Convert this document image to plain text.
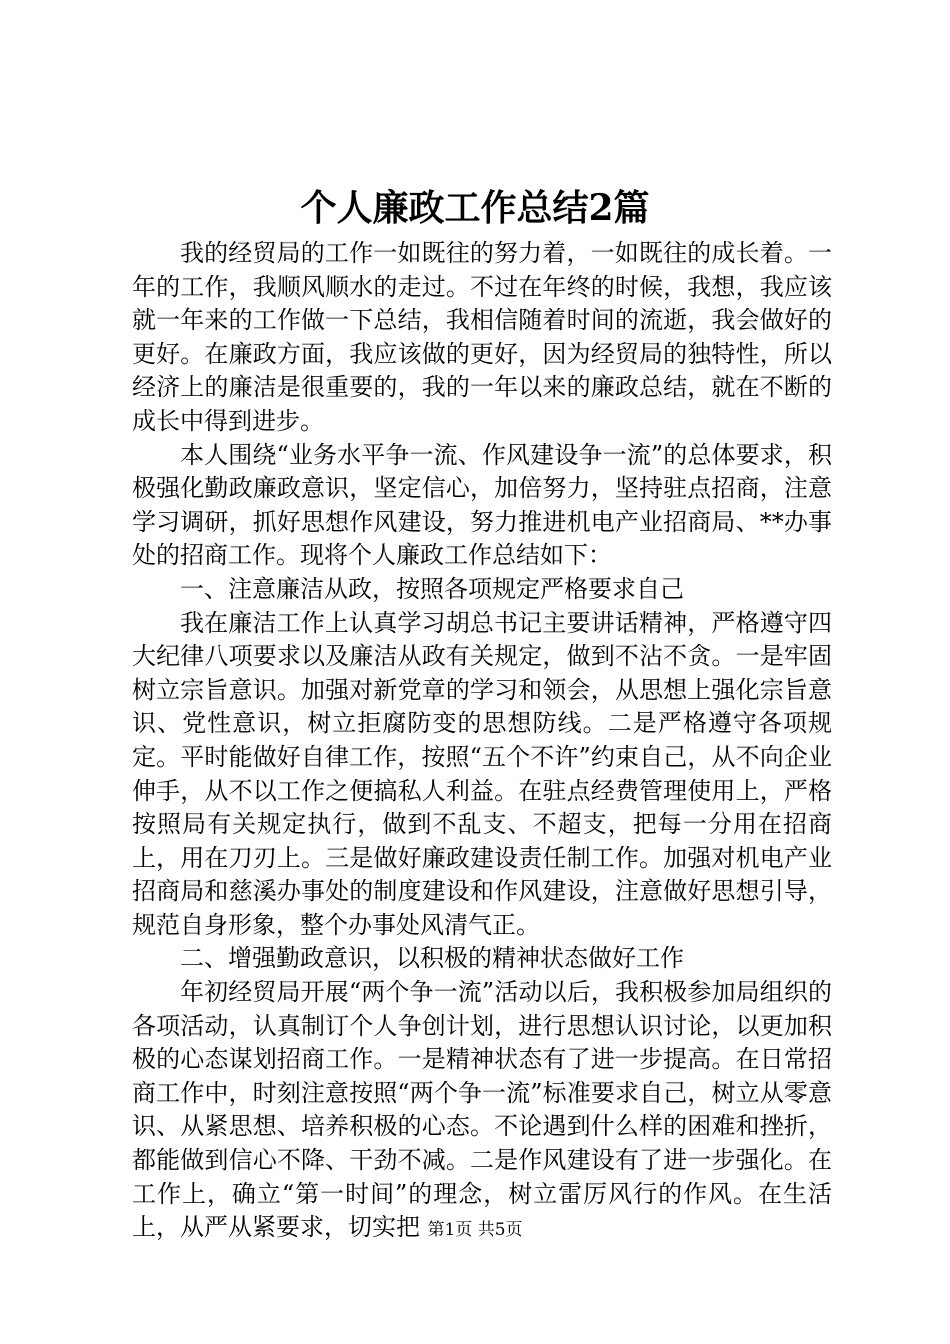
个人廉政工作总结2篇

我的经贸局的工作一如既往的努力着，一如既往的成长着。一年的工作，我顺风顺水的走过。不过在年终的时候，我想，我应该就一年来的工作做一下总结，我相信随着时间的流逝，我会做好的更好。在廉政方面，我应该做的更好，因为经贸局的独特性，所以经济上的廉洁是很重要的，我的一年以来的廉政总结，就在不断的成长中得到进步。

本人围绕“业务水平争一流、作风建设争一流”的总体要求，积极强化勤政廉政意识，坚定信心，加倍努力，坚持驻点招商，注意学习调研，抓好思想作风建设，努力推进机电产业招商局、**办事处的招商工作。现将个人廉政工作总结如下：

一、注意廉洁从政，按照各项规定严格要求自己

我在廉洁工作上认真学习胡总书记主要讲话精神，严格遵守四大纪律八项要求以及廉洁从政有关规定，做到不沾不贪。一是牢固树立宗旨意识。加强对新党章的学习和领会，从思想上强化宗旨意识、党性意识，树立拒腐防变的思想防线。二是严格遵守各项规定。平时能做好自律工作，按照“五个不许”约束自己，从不向企业伸手，从不以工作之便搞私人利益。在驻点经费管理使用上，严格按照局有关规定执行，做到不乱支、不超支，把每一分用在招商上，用在刀刃上。三是做好廉政建设责任制工作。加强对机电产业招商局和慈溪办事处的制度建设和作风建设，注意做好思想引导，规范自身形象，整个办事处风清气正。

二、增强勤政意识，以积极的精神状态做好工作

年初经贸局开展“两个争一流”活动以后，我积极参加局组织的各项活动，认真制订个人争创计划，进行思想认识讨论，以更加积极的心态谋划招商工作。一是精神状态有了进一步提高。在日常招商工作中，时刻注意按照“两个争一流”标准要求自己，树立从零意识、从紧思想、培养积极的心态。不论遇到什么样的困难和挫折，都能做到信心不降、干劲不减。二是作风建设有了进一步强化。在工作上，确立“第一时间”的理念，树立雷厉风行的作风。在生活上，从严从紧要求，切实把 第1页 共5页
